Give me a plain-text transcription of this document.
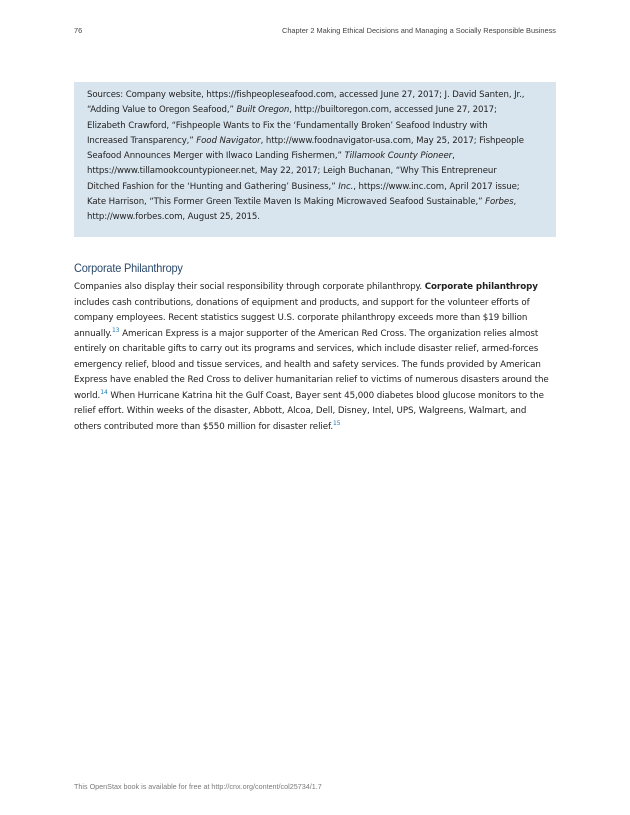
76	Chapter 2 Making Ethical Decisions and Managing a Socially Responsible Business
Sources: Company website, https://fishpeopleseafood.com, accessed June 27, 2017; J. David Santen, Jr.,
“Adding Value to Oregon Seafood,” Built Oregon, http://builtoregon.com, accessed June 27, 2017;
Elizabeth Crawford, “Fishpeople Wants to Fix the ‘Fundamentally Broken’ Seafood Industry with
Increased Transparency,” Food Navigator, http://www.foodnavigator-usa.com, May 25, 2017; Fishpeople
Seafood Announces Merger with Ilwaco Landing Fishermen,” Tillamook County Pioneer,
https://www.tillamookcountypioneer.net, May 22, 2017; Leigh Buchanan, “Why This Entrepreneur
Ditched Fashion for the ‘Hunting and Gathering’ Business,” Inc., https://www.inc.com, April 2017 issue;
Kate Harrison, “This Former Green Textile Maven Is Making Microwaved Seafood Sustainable,” Forbes,
http://www.forbes.com, August 25, 2015.
Corporate Philanthropy
Companies also display their social responsibility through corporate philanthropy. Corporate philanthropy
includes cash contributions, donations of equipment and products, and support for the volunteer efforts of
company employees. Recent statistics suggest U.S. corporate philanthropy exceeds more than $19 billion
annually.$^{13}$ American Express is a major supporter of the American Red Cross. The organization relies almost
entirely on charitable gifts to carry out its programs and services, which include disaster relief, armed-forces
emergency relief, blood and tissue services, and health and safety services. The funds provided by American
Express have enabled the Red Cross to deliver humanitarian relief to victims of numerous disasters around the
world.$^{14}$ When Hurricane Katrina hit the Gulf Coast, Bayer sent 45,000 diabetes blood glucose monitors to the
relief effort. Within weeks of the disaster, Abbott, Alcoa, Dell, Disney, Intel, UPS, Walgreens, Walmart, and
others contributed more than $550 million for disaster relief.$^{15}$
This OpenStax book is available for free at http://cnx.org/content/col25734/1.7
